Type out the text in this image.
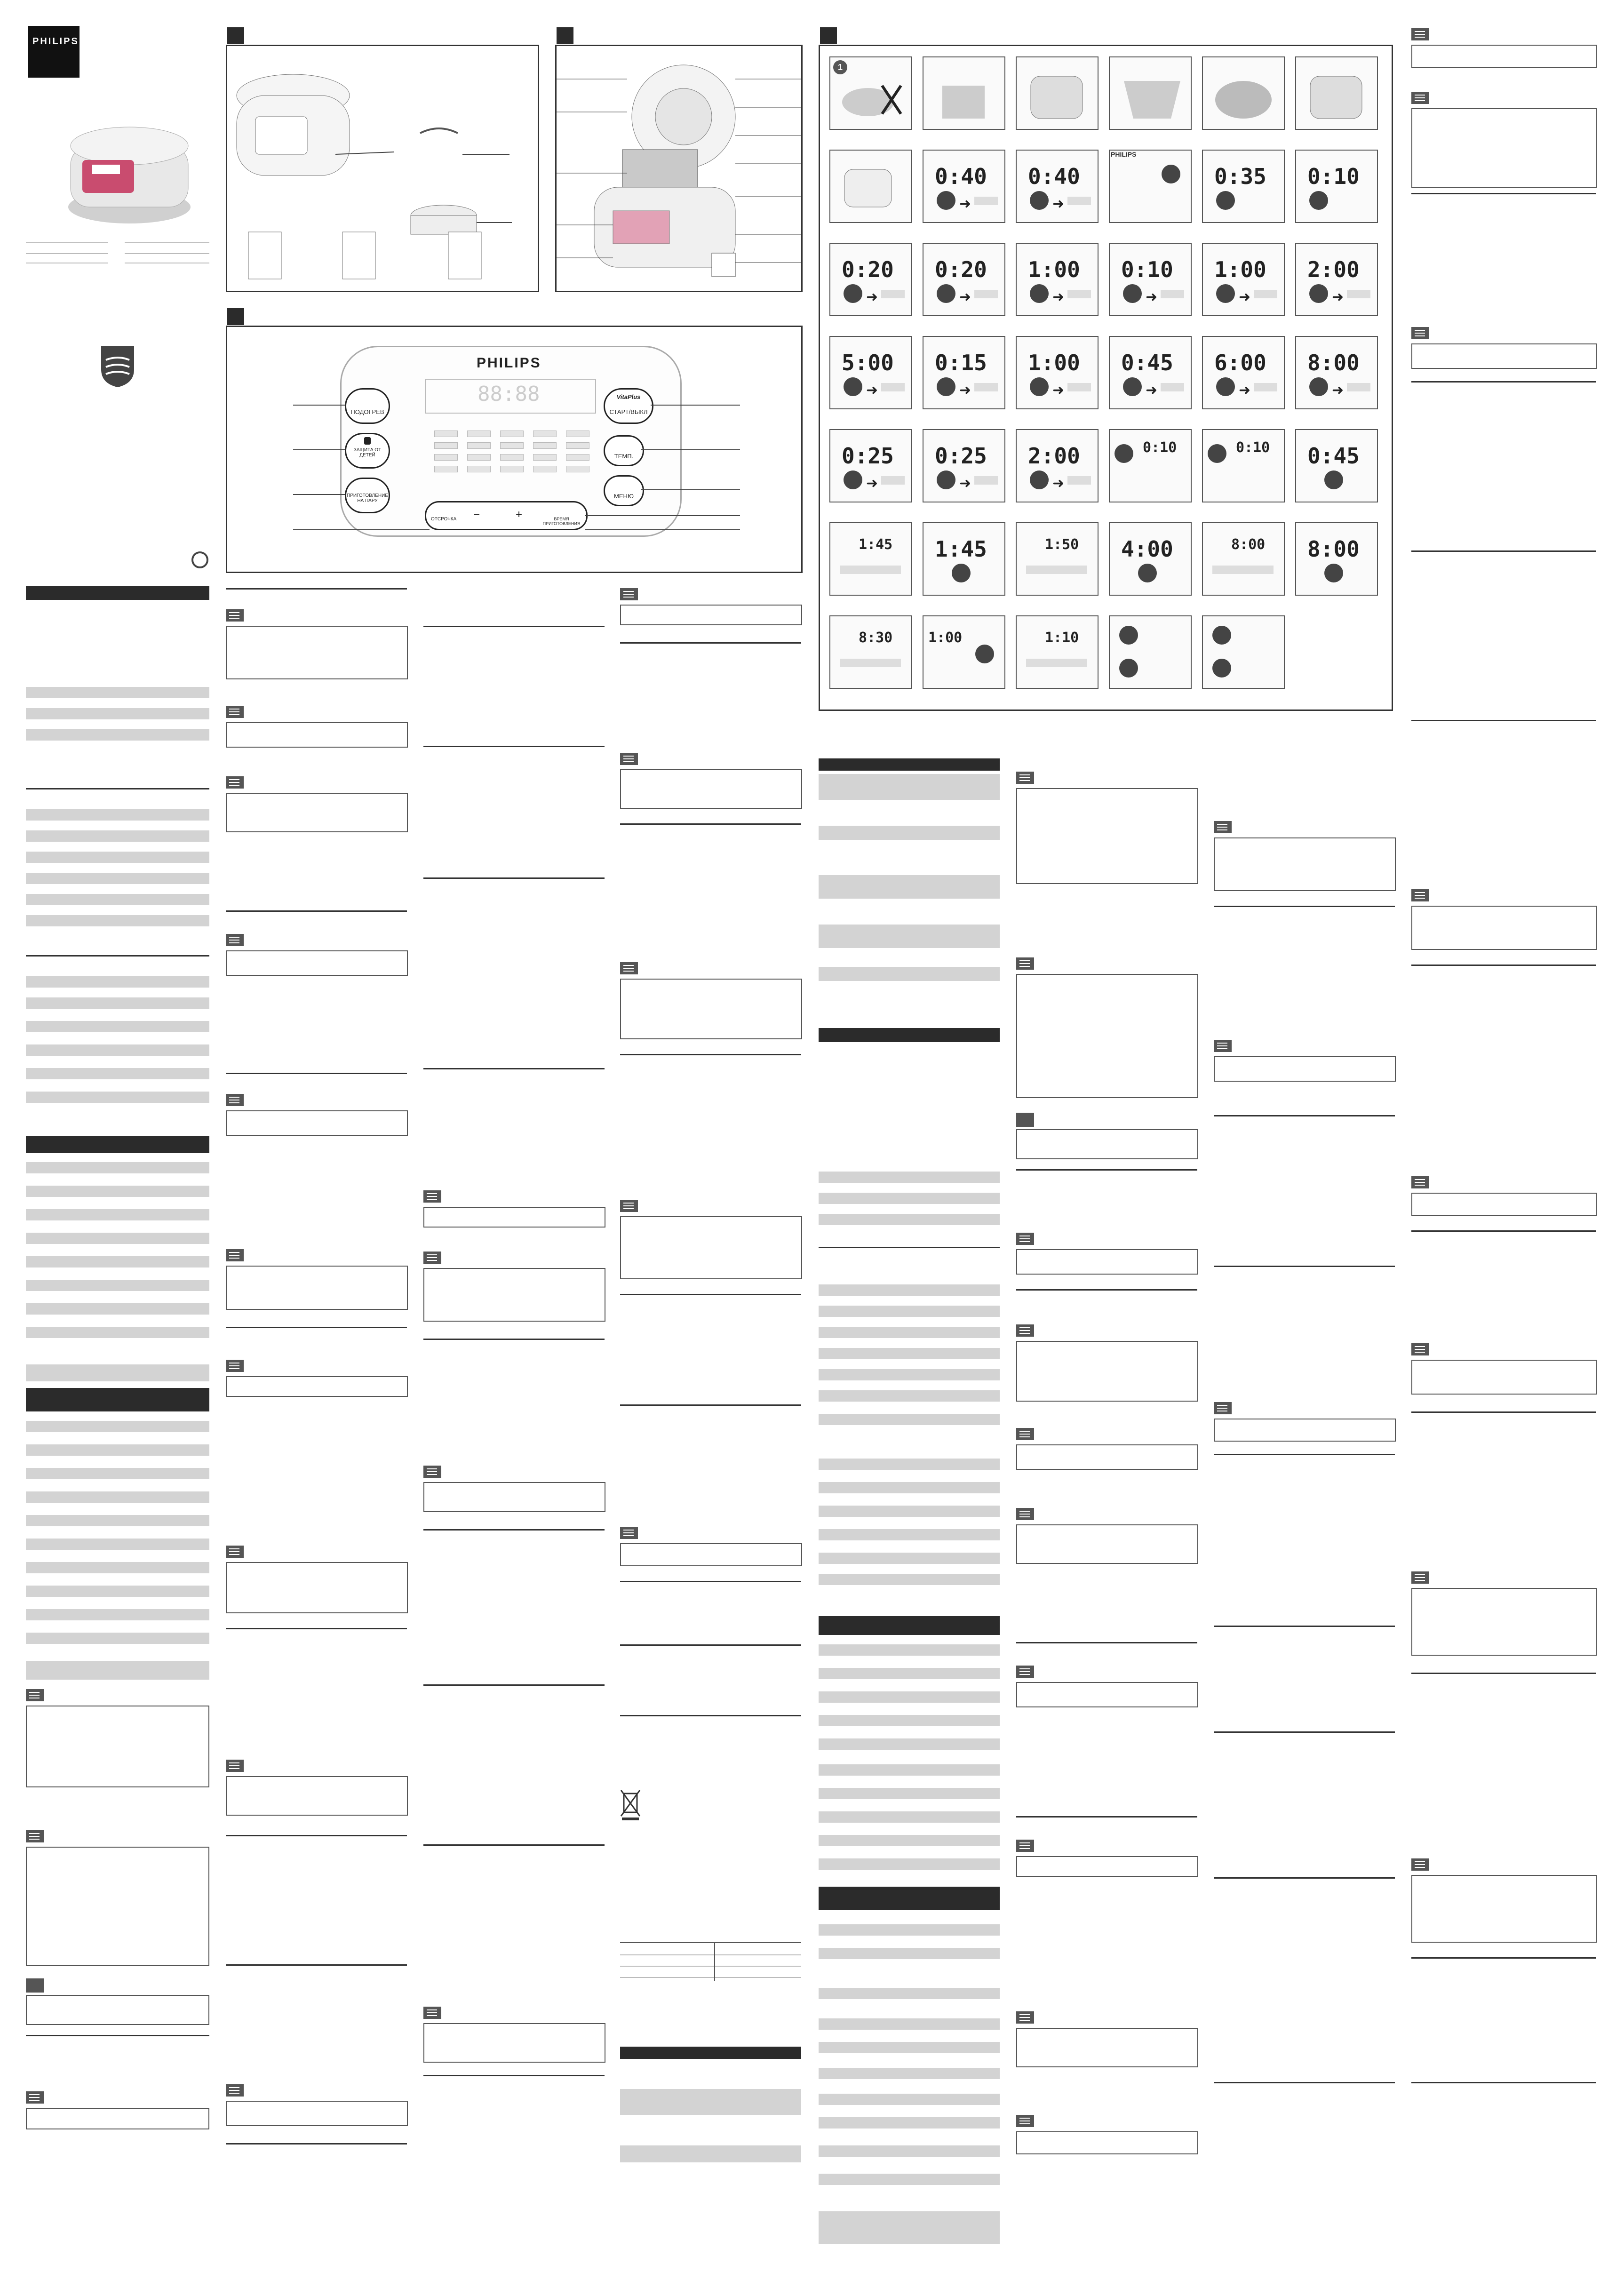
PHILIPS
PHILIPS
88:88
ПОДОГРЕВ
ЗАЩИТА ОТ ДЕТЕЙ
ПРИГОТОВЛЕНИЕ НА ПАРУ
VitaPlus
СТАРТ/ВЫКЛ
ТЕМП.
МЕНЮ
ОТСРОЧКА −	+	ВРЕМЯ ПРИГОТОВЛЕНИЯ
1
0:40
➜
0:40
➜
PHILIPS
0:35 0:10
0:20
➜
0:20
➜
1:00
➜
0:10
➜
1:00
➜
2:00
➜
5:00
➜
0:15
➜
1:00
➜
0:45
➜
6:00
➜
8:00
➜
0:25
➜
0:25
➜
2:00
➜
0:10	0:10 0:45
1:45 1:45	1:50 4:00	8:00 8:00
8:30	1:00	1:10
